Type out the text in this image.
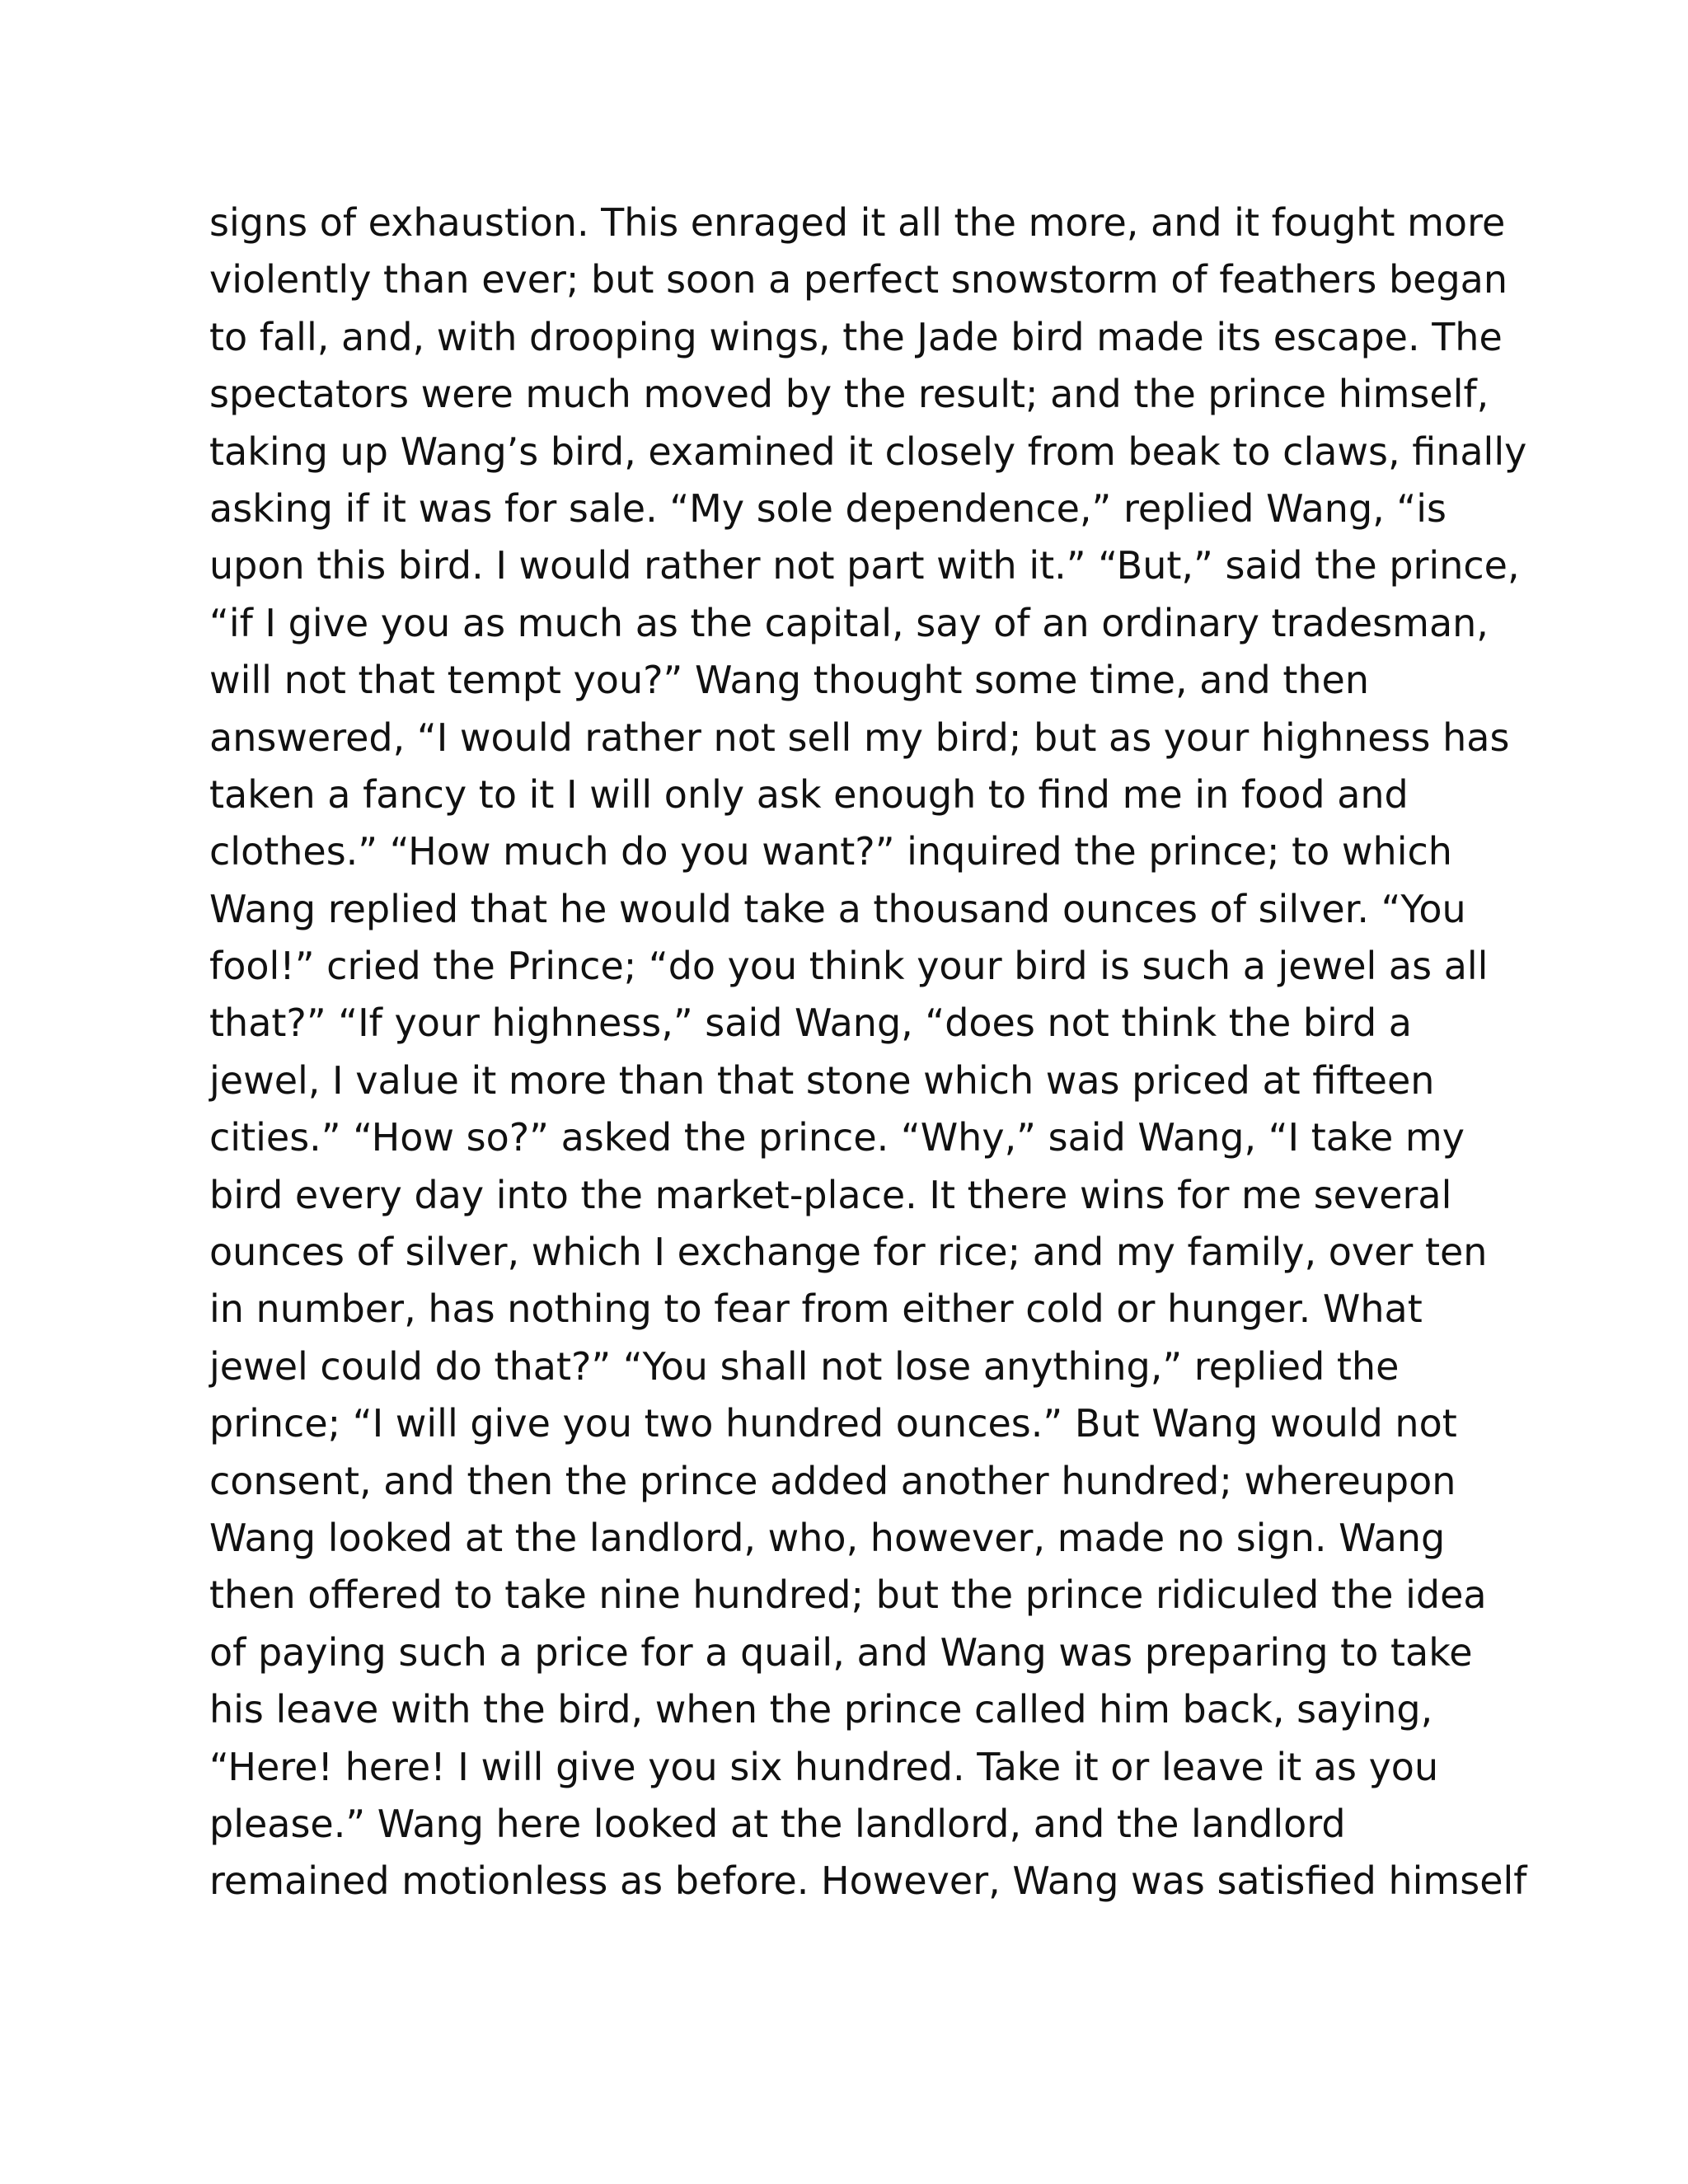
signs of exhaustion. This enraged it all the more, and it fought more
violently than ever; but soon a perfect snowstorm of feathers began
to fall, and, with drooping wings, the Jade bird made its escape. The
spectators were much moved by the result; and the prince himself,
taking up Wang’s bird, examined it closely from beak to claws, finally
asking if it was for sale. “My sole dependence,” replied Wang, “is
upon this bird. I would rather not part with it.” “But,” said the prince,
“if I give you as much as the capital, say of an ordinary tradesman,
will not that tempt you?” Wang thought some time, and then
answered, “I would rather not sell my bird; but as your highness has
taken a fancy to it I will only ask enough to find me in food and
clothes.” “How much do you want?” inquired the prince; to which
Wang replied that he would take a thousand ounces of silver. “You
fool!” cried the Prince; “do you think your bird is such a jewel as all
that?” “If your highness,” said Wang, “does not think the bird a
jewel, I value it more than that stone which was priced at fifteen
cities.” “How so?” asked the prince. “Why,” said Wang, “I take my
bird every day into the market-place. It there wins for me several
ounces of silver, which I exchange for rice; and my family, over ten
in number, has nothing to fear from either cold or hunger. What
jewel could do that?” “You shall not lose anything,” replied the
prince; “I will give you two hundred ounces.” But Wang would not
consent, and then the prince added another hundred; whereupon
Wang looked at the landlord, who, however, made no sign. Wang
then offered to take nine hundred; but the prince ridiculed the idea
of paying such a price for a quail, and Wang was preparing to take
his leave with the bird, when the prince called him back, saying,
“Here! here! I will give you six hundred. Take it or leave it as you
please.” Wang here looked at the landlord, and the landlord
remained motionless as before. However, Wang was satisfied himself
